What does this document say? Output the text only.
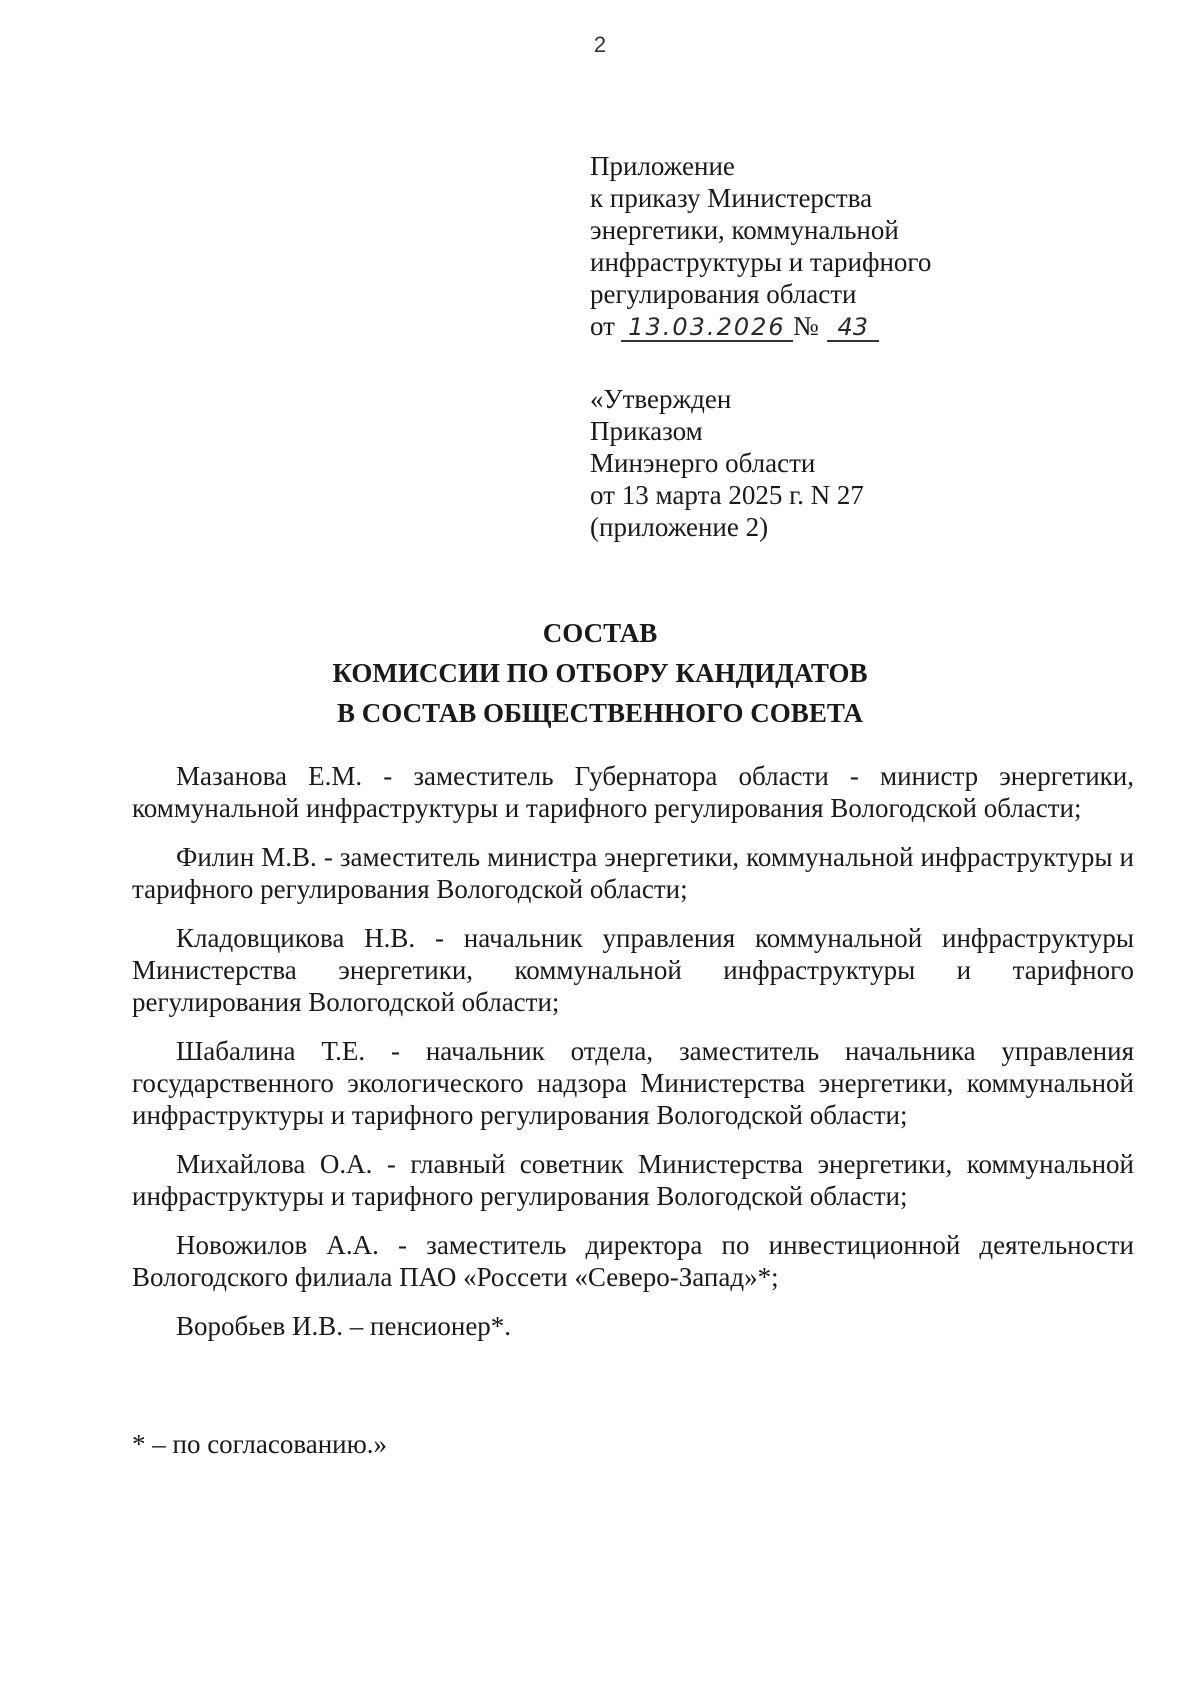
2
Приложение
к приказу Министерства
энергетики, коммунальной
инфраструктуры и тарифного
регулирования области
от 13.03.2026 № 43
«Утвержден
Приказом
Минэнерго области
от 13 марта 2025 г. N 27
(приложение 2)
СОСТАВ
КОМИССИИ ПО ОТБОРУ КАНДИДАТОВ
В СОСТАВ ОБЩЕСТВЕННОГО СОВЕТА

Мазанова Е.М. - заместитель Губернатора области - министр энергетики, коммунальной инфраструктуры и тарифного регулирования Вологодской области;

Филин М.В. - заместитель министра энергетики, коммунальной инфраструктуры и тарифного регулирования Вологодской области;

Кладовщикова Н.В. - начальник управления коммунальной инфраструктуры Министерства энергетики, коммунальной инфраструктуры и тарифного регулирования Вологодской области;

Шабалина Т.Е. - начальник отдела, заместитель начальника управления государственного экологического надзора Министерства энергетики, коммунальной инфраструктуры и тарифного регулирования Вологодской области;

Михайлова О.А. - главный советник Министерства энергетики, коммунальной инфраструктуры и тарифного регулирования Вологодской области;

Новожилов А.А. - заместитель директора по инвестиционной деятельности Вологодского филиала ПАО «Россети «Северо-Запад»*;

Воробьев И.В. – пенсионер*.

* – по согласованию.»
